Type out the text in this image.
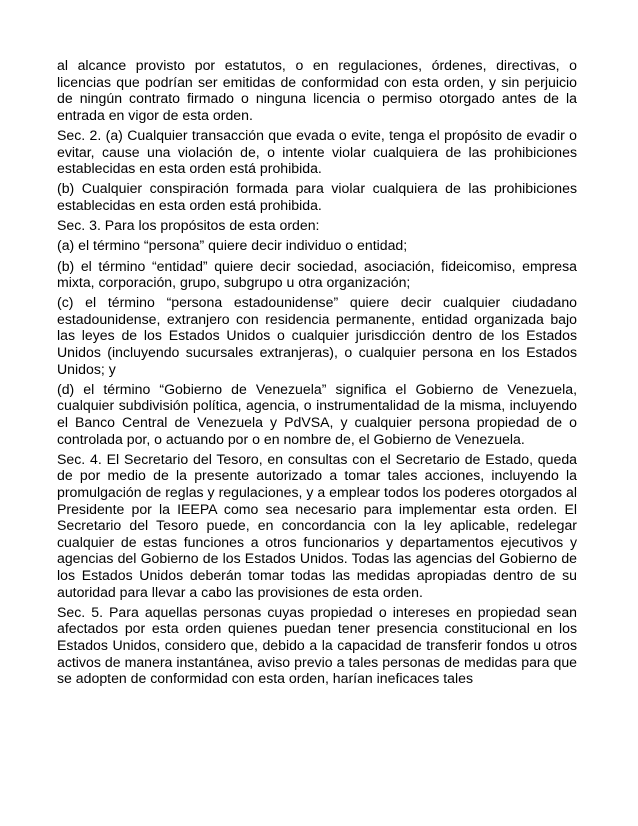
al alcance provisto por estatutos, o en regulaciones, órdenes, directivas, o licencias que podrían ser emitidas de conformidad con esta orden, y sin perjuicio de ningún contrato firmado o ninguna licencia o permiso otorgado antes de la entrada en vigor de esta orden.

Sec. 2. (a) Cualquier transacción que evada o evite, tenga el propósito de evadir o evitar, cause una violación de, o intente violar cualquiera de las prohibiciones establecidas en esta orden está prohibida.

(b) Cualquier conspiración formada para violar cualquiera de las prohibiciones establecidas en esta orden está prohibida.

Sec. 3. Para los propósitos de esta orden:

(a) el término “persona” quiere decir individuo o entidad;

(b) el término “entidad” quiere decir sociedad, asociación, fideicomiso, empresa mixta, corporación, grupo, subgrupo u otra organización;

(c) el término “persona estadounidense” quiere decir cualquier ciudadano estadounidense, extranjero con residencia permanente, entidad organizada bajo las leyes de los Estados Unidos o cualquier jurisdicción dentro de los Estados Unidos (incluyendo sucursales extranjeras), o cualquier persona en los Estados Unidos; y

(d) el término “Gobierno de Venezuela” significa el Gobierno de Venezuela, cualquier subdivisión política, agencia, o instrumentalidad de la misma, incluyendo el Banco Central de Venezuela y PdVSA, y cualquier persona propiedad de o controlada por, o actuando por o en nombre de, el Gobierno de Venezuela.

Sec. 4. El Secretario del Tesoro, en consultas con el Secretario de Estado, queda de por medio de la presente autorizado a tomar tales acciones, incluyendo la promulgación de reglas y regulaciones, y a emplear todos los poderes otorgados al Presidente por la IEEPA como sea necesario para implementar esta orden. El Secretario del Tesoro puede, en concordancia con la ley aplicable, redelegar cualquier de estas funciones a otros funcionarios y departamentos ejecutivos y agencias del Gobierno de los Estados Unidos. Todas las agencias del Gobierno de los Estados Unidos deberán tomar todas las medidas apropiadas dentro de su autoridad para llevar a cabo las provisiones de esta orden.

Sec. 5. Para aquellas personas cuyas propiedad o intereses en propiedad sean afectados por esta orden quienes puedan tener presencia constitucional en los Estados Unidos, considero que, debido a la capacidad de transferir fondos u otros activos de manera instantánea, aviso previo a tales personas de medidas para que se adopten de conformidad con esta orden, harían ineficaces tales
